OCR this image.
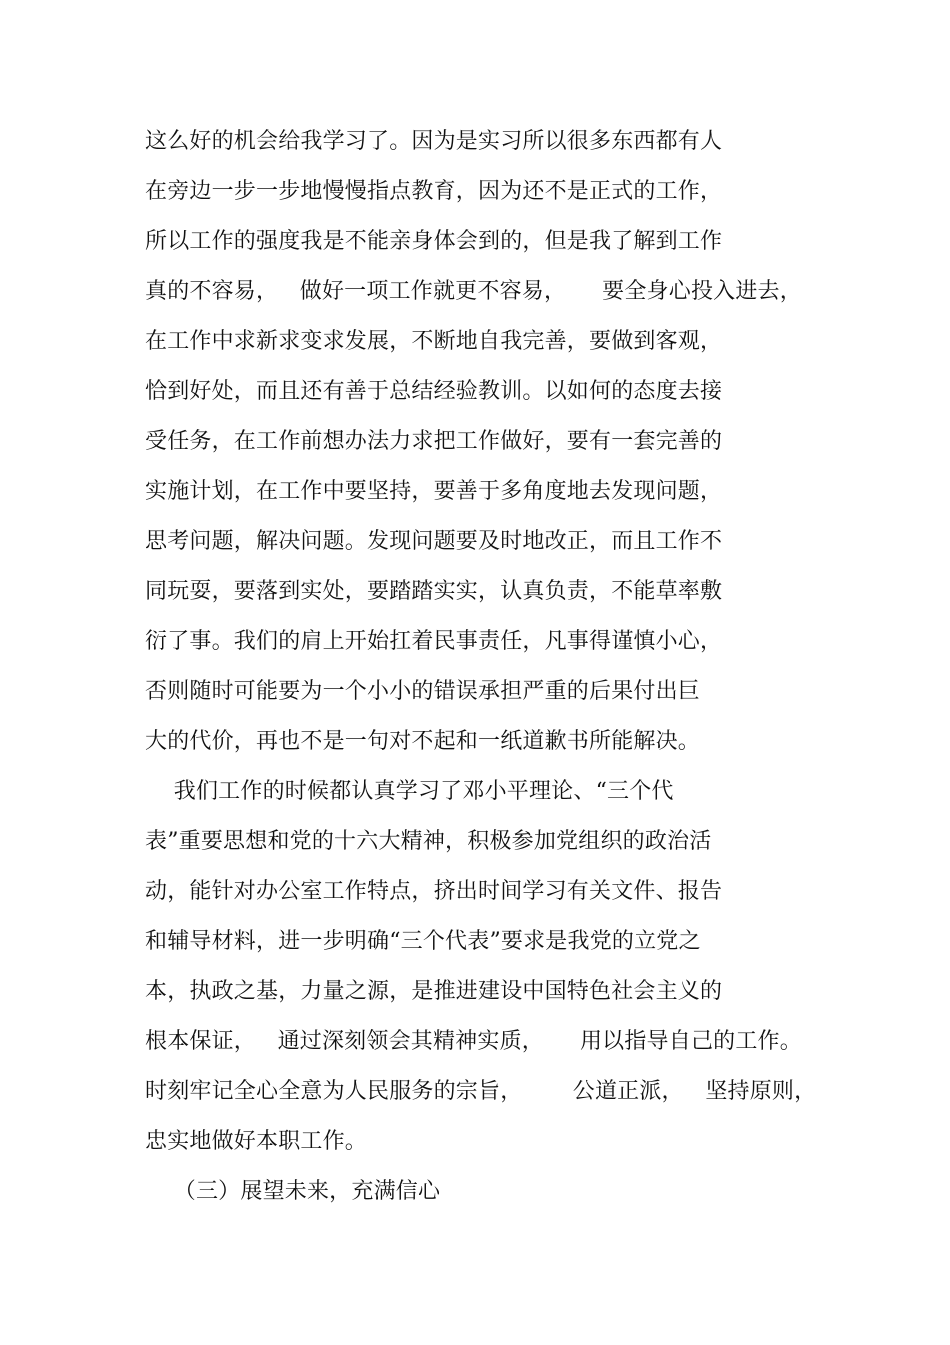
这么好的机会给我学习了。因为是实习所以很多东西都有人
在旁边一步一步地慢慢指点教育，因为还不是正式的工作，
所以工作的强度我是不能亲身体会到的，但是我了解到工作
真的不容易，   做好一项工作就更不容易，     要全身心投入进去，
在工作中求新求变求发展，不断地自我完善，要做到客观，
恰到好处，而且还有善于总结经验教训。以如何的态度去接
受任务，在工作前想办法力求把工作做好，要有一套完善的
实施计划，在工作中要坚持，要善于多角度地去发现问题，
思考问题，解决问题。发现问题要及时地改正，而且工作不
同玩耍，要落到实处，要踏踏实实，认真负责，不能草率敷
衍了事。我们的肩上开始扛着民事责任，凡事得谨慎小心，
否则随时可能要为一个小小的错误承担严重的后果付出巨
大的代价，再也不是一句对不起和一纸道歉书所能解决。
我们工作的时候都认真学习了邓小平理论、“三个代
表”重要思想和党的十六大精神，积极参加党组织的政治活
动，能针对办公室工作特点，挤出时间学习有关文件、报告
和辅导材料，进一步明确“三个代表”要求是我党的立党之
本，执政之基，力量之源，是推进建设中国特色社会主义的
根本保证，   通过深刻领会其精神实质，     用以指导自己的工作。
时刻牢记全心全意为人民服务的宗旨，       公道正派，   坚持原则，
忠实地做好本职工作。
（三）展望未来，充满信心
